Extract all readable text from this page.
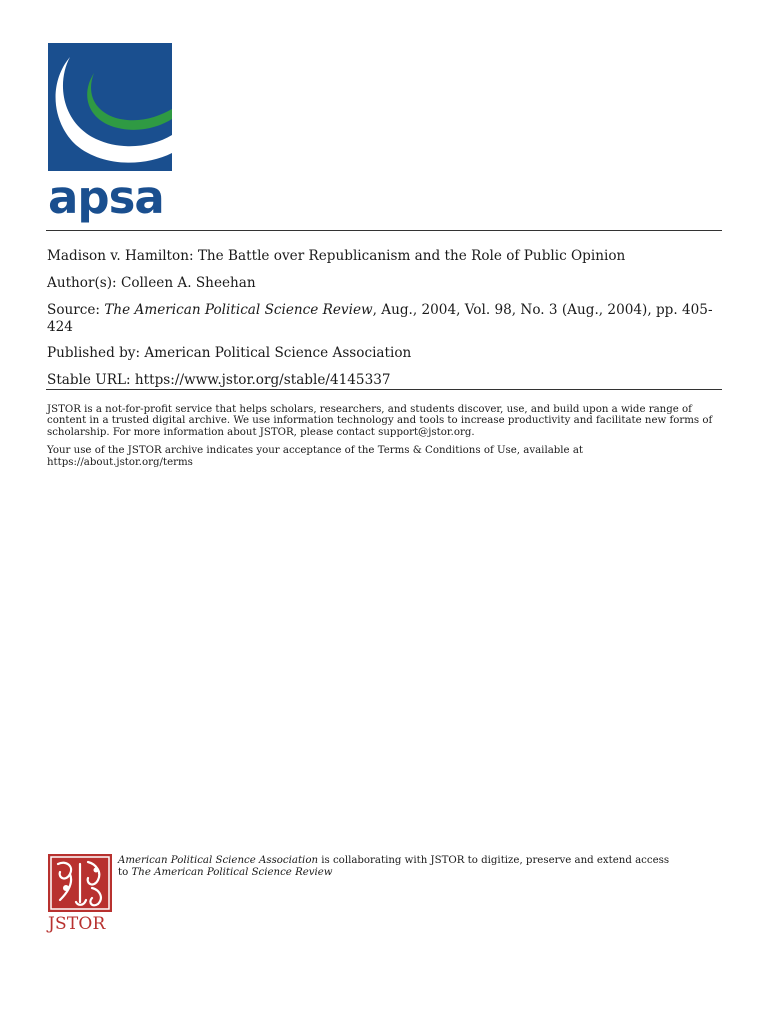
apsa

Madison v. Hamilton: The Battle over Republicanism and the Role of Public Opinion

Author(s): Colleen A. Sheehan

Source: The American Political Science Review, Aug., 2004, Vol. 98, No. 3 (Aug., 2004), pp. 405-424

Published by: American Political Science Association

Stable URL: https://www.jstor.org/stable/4145337

JSTOR is a not-for-profit service that helps scholars, researchers, and students discover, use, and build upon a wide range of content in a trusted digital archive. We use information technology and tools to increase productivity and facilitate new forms of scholarship. For more information about JSTOR, please contact support@jstor.org.

Your use of the JSTOR archive indicates your acceptance of the Terms & Conditions of Use, available at https://about.jstor.org/terms

JSTOR
American Political Science Association is collaborating with JSTOR to digitize, preserve and extend access to The American Political Science Review
